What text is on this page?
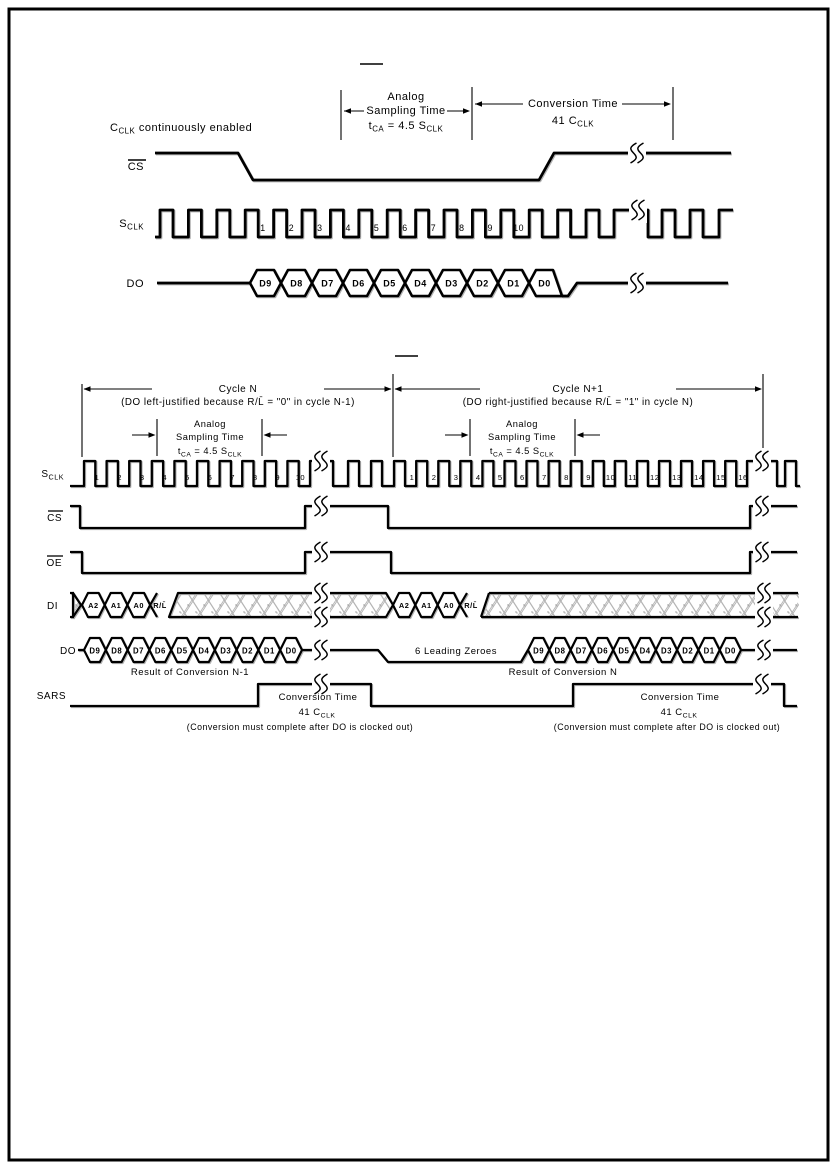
Analog
Sampling Time
$t_{CA} = 4.5$ $S_{CLK}$
Conversion Time
41 $C_{CLK}$
$C_{CLK}$ continuously enabled
CS
$S_{CLK}$
DO
1	2	3	4	5	6	7	8	9 10
D9 D8 D7 D6 D5 D4 D3 D2 D1 D0
Cycle N
(DO left-justified because R/L̄ = "0" in cycle N-1)
Cycle N+1
(DO right-justified because R/L̄ = "1" in cycle N)
Analog
Sampling Time
$t_{CA} = 4.5$ $S_{CLK}$
Analog
Sampling Time
$t_{CA} = 4.5$ $S_{CLK}$
$S_{CLK}$
CS
OE
DI
DO
SARS
1 2 3 4 5 6 7 8 9 10	1 2 3 4 5 6 7 8 9 10 11 12 13 14 15 16
A2 A1 A0 R/L̄	A2 A1 A0 R/L̄
D9 D8 D7 D6 D5 D4 D3 D2 D1 D0	D9 D8 D7 D6 D5 D4 D3 D2 D1 D0
Result of Conversion N-1	Result of Conversion N
6 Leading Zeroes
Conversion Time
41 $C_{CLK}$
(Conversion must complete after DO is clocked out)
Conversion Time
41 $C_{CLK}$
(Conversion must complete after DO is clocked out)
